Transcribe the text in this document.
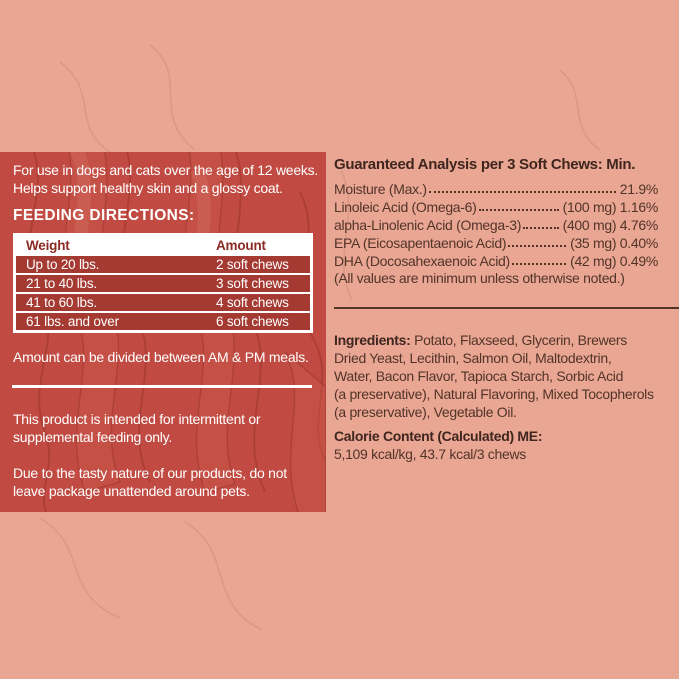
For use in dogs and cats over the age of 12 weeks.
Helps support healthy skin and a glossy coat.
FEEDING DIRECTIONS:
Weight	Amount
Up to 20 lbs.	2 soft chews
21 to 40 lbs.	3 soft chews
41 to 60 lbs.	4 soft chews
61 lbs. and over	6 soft chews
Amount can be divided between AM & PM meals.
This product is intended for intermittent or
supplemental feeding only.
Due to the tasty nature of our products, do not
leave package unattended around pets.
Guaranteed Analysis per 3 Soft Chews: Min.
Moisture (Max.)	21.9%
Linoleic Acid (Omega-6)	(100 mg) 1.16%
alpha-Linolenic Acid (Omega-3)	(400 mg) 4.76%
EPA (Eicosapentaenoic Acid)	(35 mg) 0.40%
DHA (Docosahexaenoic Acid)	(42 mg) 0.49%
(All values are minimum unless otherwise noted.)
Ingredients: Potato, Flaxseed, Glycerin, Brewers
Dried Yeast, Lecithin, Salmon Oil, Maltodextrin,
Water, Bacon Flavor, Tapioca Starch, Sorbic Acid
(a preservative), Natural Flavoring, Mixed Tocopherols
(a preservative), Vegetable Oil.
Calorie Content (Calculated) ME:
5,109 kcal/kg, 43.7 kcal/3 chews
